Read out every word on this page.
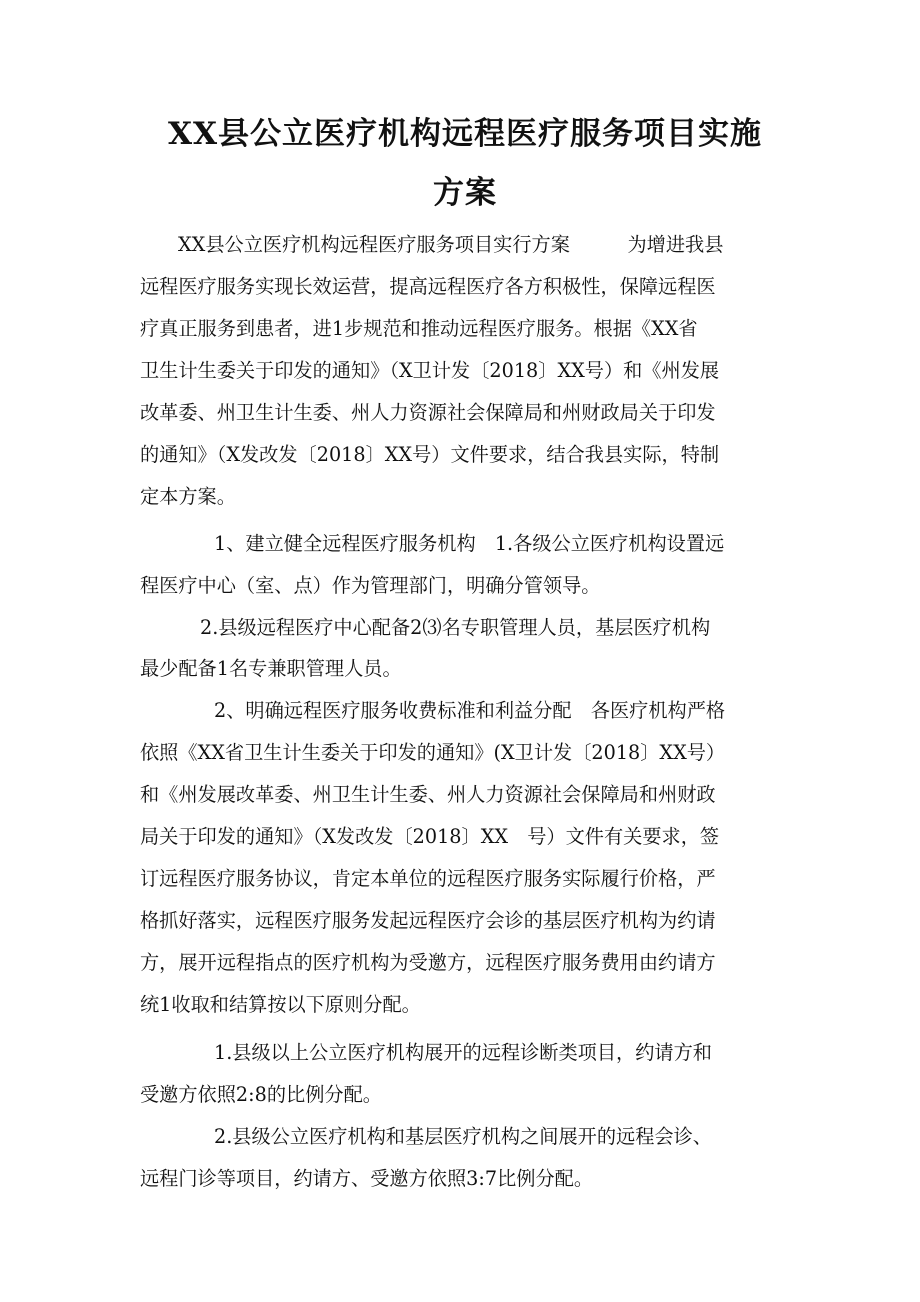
XX县公立医疗机构远程医疗服务项目实施
方案

XX县公立医疗机构远程医疗服务项目实行方案　　　为增进我县

远程医疗服务实现长效运营，提高远程医疗各方积极性，保障远程医

疗真正服务到患者，进1步规范和推动远程医疗服务。根据《XX省

卫生计生委关于印发的通知》（X卫计发〔2018〕XX号）和《州发展

改革委、州卫生计生委、州人力资源社会保障局和州财政局关于印发

的通知》（X发改发〔2018〕XX号）文件要求，结合我县实际，特制

定本方案。

1、建立健全远程医疗服务机构　1.各级公立医疗机构设置远

程医疗中心（室、点）作为管理部门，明确分管领导。

2.县级远程医疗中心配备2⑶名专职管理人员，基层医疗机构

最少配备1名专兼职管理人员。

2、明确远程医疗服务收费标准和利益分配　各医疗机构严格

依照《XX省卫生计生委关于印发的通知》(X卫计发〔2018〕XX号）

和《州发展改革委、州卫生计生委、州人力资源社会保障局和州财政

局关于印发的通知》（X发改发〔2018〕XX　号）文件有关要求，签

订远程医疗服务协议，肯定本单位的远程医疗服务实际履行价格，严

格抓好落实，远程医疗服务发起远程医疗会诊的基层医疗机构为约请

方，展开远程指点的医疗机构为受邀方，远程医疗服务费用由约请方

统1收取和结算按以下原则分配。

1.县级以上公立医疗机构展开的远程诊断类项目，约请方和

受邀方依照2:8的比例分配。

2.县级公立医疗机构和基层医疗机构之间展开的远程会诊、

远程门诊等项目，约请方、受邀方依照3:7比例分配。
